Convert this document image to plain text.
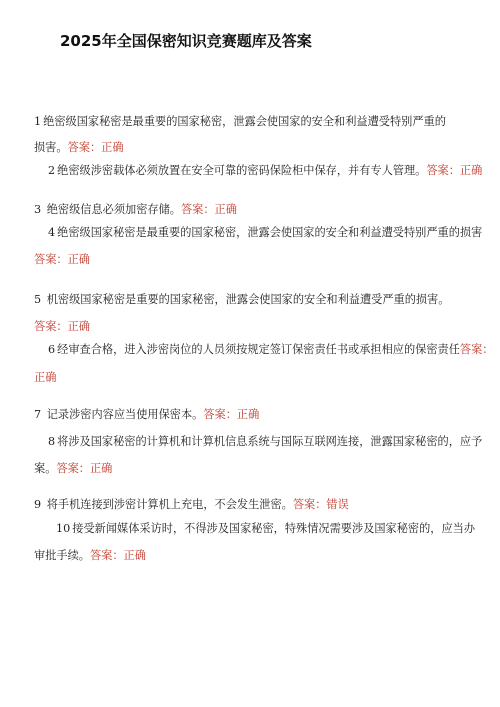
2025年全国保密知识竞赛题库及答案
1 绝密级国家秘密是最重要的国家秘密，泄露会使国家的安全和利益遭受特别严重的
损害。答案：正确
2 绝密级涉密载体必须放置在安全可靠的密码保险柜中保存，并有专人管理。答案：正确
3 绝密级信息必须加密存储。答案：正确
4 绝密级国家秘密是最重要的国家秘密，泄露会使国家的安全和利益遭受特别严重的损害
答案：正确
5 机密级国家秘密是重要的国家秘密，泄露会使国家的安全和利益遭受严重的损害。
答案：正确
6 经审查合格，进入涉密岗位的人员须按规定签订保密责任书或承担相应的保密责任答案：
正确
7 记录涉密内容应当使用保密本。答案：正确
8 将涉及国家秘密的计算机和计算机信息系统与国际互联网连接，泄露国家秘密的，应予
案。答案：正确
9 将手机连接到涉密计算机上充电，不会发生泄密。答案：错误
10 接受新闻媒体采访时，不得涉及国家秘密，特殊情况需要涉及国家秘密的，应当办
审批手续。答案：正确
